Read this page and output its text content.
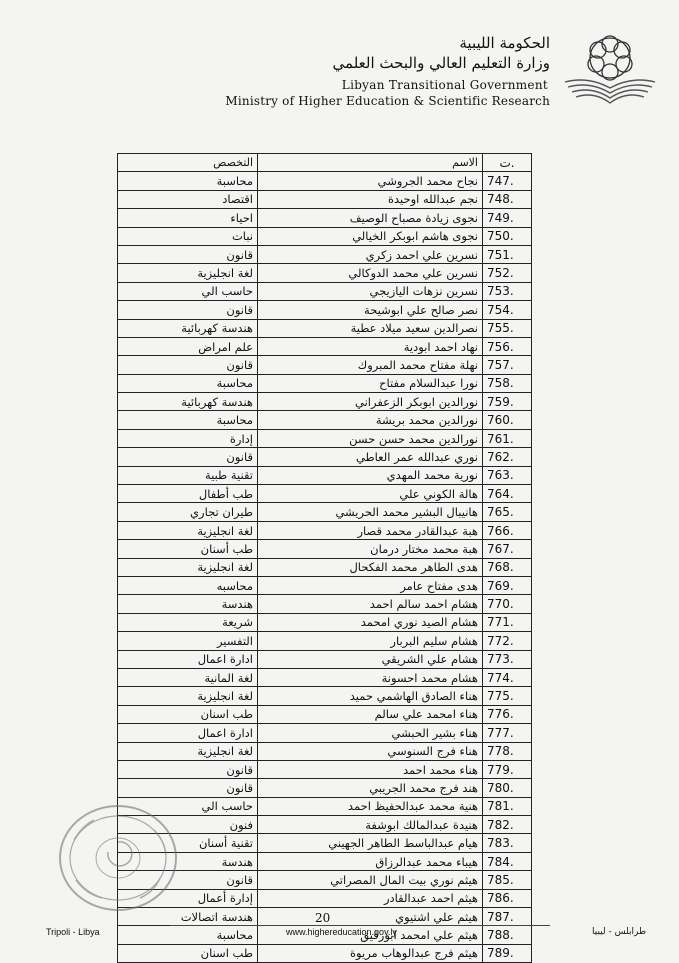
الحكومة الليبية
وزارة التعليم العالي والبحث العلمي
Libyan Transitional Government
Ministry of Higher Education & Scientific Research
التخصص	الاسم	ت.
محاسبة	نجاح محمد الجروشي	747.
اقتصاد	نجم عبدالله اوحيدة	748.
احياء	نجوى زيادة مصباح الوصيف	749.
نبات	نجوى هاشم ابوبكر الخيالي	750.
قانون	نسرين علي احمد زكري	751.
لغة انجليزية	نسرين علي محمد الدوكالي	752.
حاسب الي	نسرين نزهات اليازيجي	753.
قانون	نصر صالح علي ابوشيحة	754.
هندسة كهربائية	نصرالدين سعيد ميلاد عطية	755.
علم امراض	نهاد احمد ابودية	756.
قانون	نهلة مفتاح محمد المبروك	757.
محاسبة	نورا عبدالسلام مفتاح	758.
هندسة كهربائية	نورالدين ابوبكر الزعفراني	759.
محاسبة	نورالدين محمد بريشة	760.
إدارة	نورالدين محمد حسن حسن	761.
قانون	نوري عبدالله عمر العاطي	762.
تقنية طبية	نورية محمد المهدي	763.
طب أطفال	هالة الكوني علي	764.
طيران تجاري	هانيبال البشير محمد الحريشي	765.
لغة انجليزية	هبة عبدالقادر محمد قصار	766.
طب أسنان	هبة محمد مختار درمان	767.
لغة انجليزية	هدى الطاهر محمد الفكحال	768.
محاسبه	هدى مفتاح عامر	769.
هندسة	هشام احمد سالم احمد	770.
شريعة	هشام الصيد نوري امحمد	771.
التفسير	هشام سليم البربار	772.
ادارة اعمال	هشام علي الشريقي	773.
لغة المانية	هشام محمد احسونة	774.
لغة انجليزية	هناء الصادق الهاشمي حميد	775.
طب اسنان	هناء امحمد علي سالم	776.
ادارة اعمال	هناء بشير الحبشي	777.
لغة انجليزية	هناء فرج السنوسي	778.
قانون	هناء محمد احمد	779.
قانون	هند فرج محمد الجريبي	780.
حاسب الي	هنية محمد عبدالحفيظ احمد	781.
فنون	هنيدة عبدالمالك ابوشفة	782.
تقنية أسنان	هيام عبدالباسط الطاهر الجهيني	783.
هندسة	هيباء محمد عبدالرزاق	784.
قانون	هيثم نوري بيت المال المصراتي	785.
إدارة أعمال	هيثم احمد عبدالقادر	786.
هندسة اتصالات	هيثم علي اشتيوي	787.
محاسبة	هيثم علي امحمد ابورقيق	788.
طب اسنان	هيثم فرج عبدالوهاب مريوة	789.
20
Tripoli - Libya	www.highereducation.gov.ly	طرابلس - ليبيا
